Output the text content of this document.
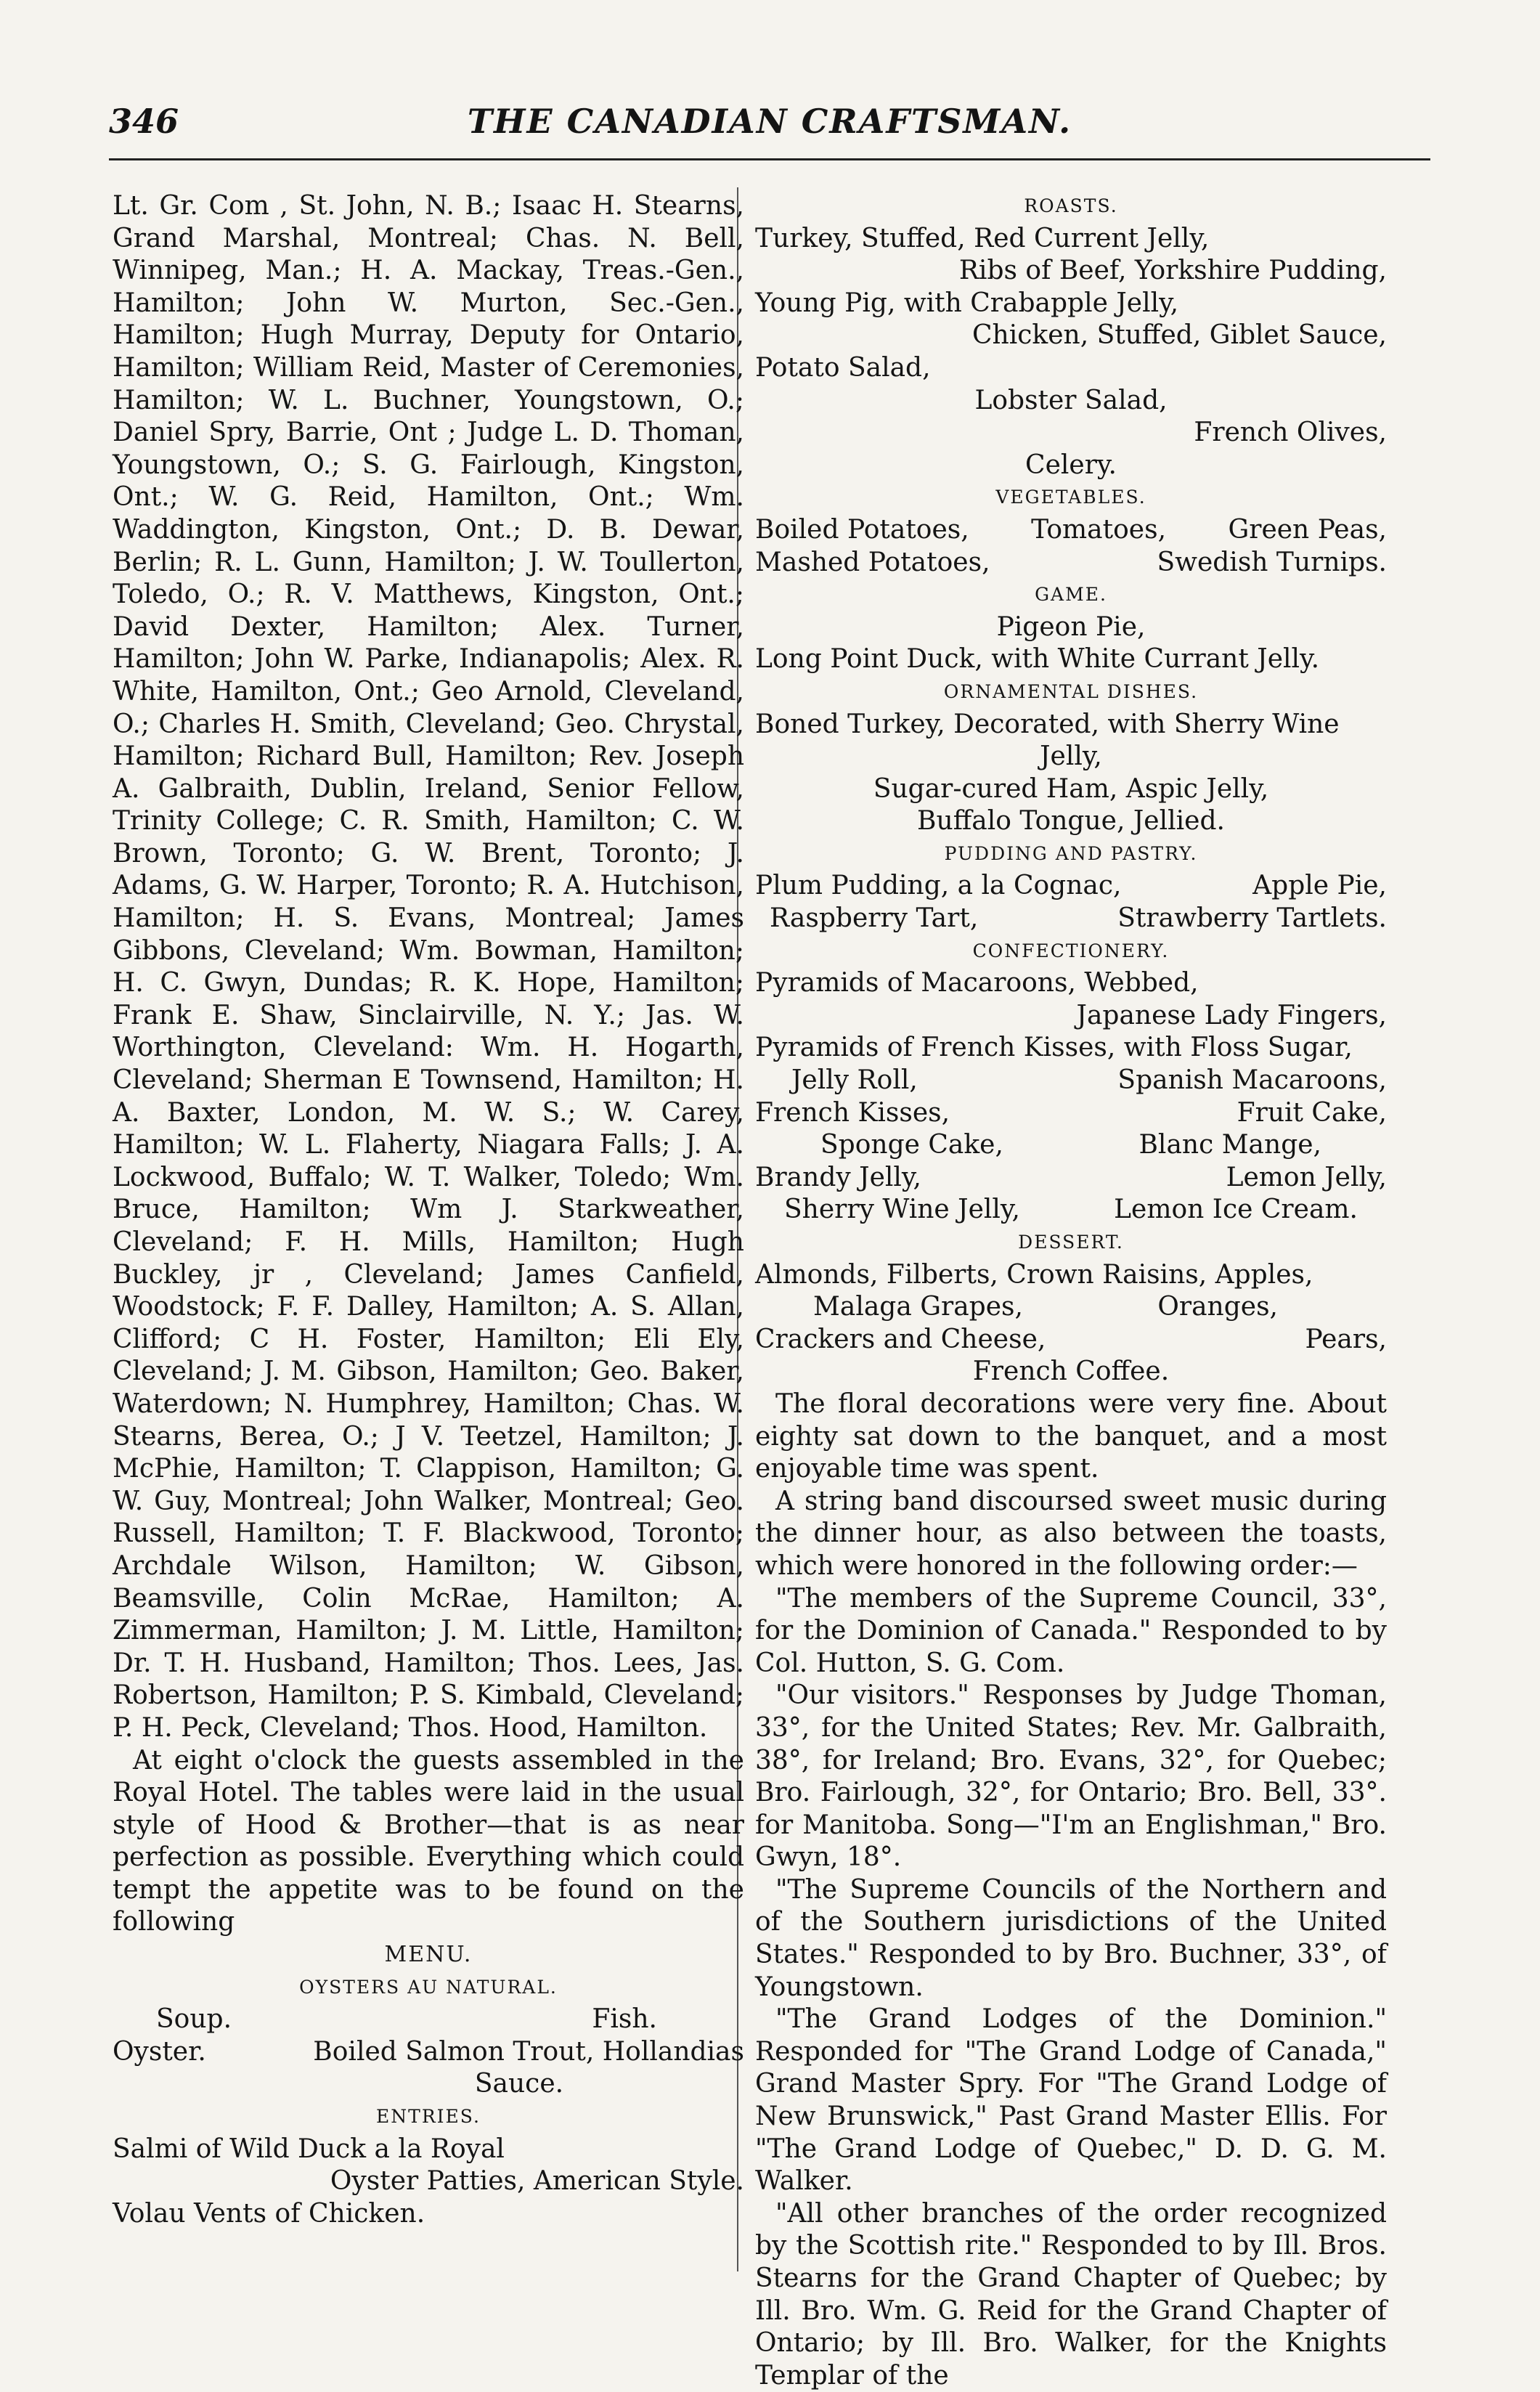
346	THE CANADIAN CRAFTSMAN.

Lt. Gr. Com , St. John, N. B.; Isaac H. Stearns, Grand Marshal, Montreal; Chas. N. Bell, Winnipeg, Man.; H. A. Mackay, Treas.-Gen., Hamilton; John W. Murton, Sec.-Gen., Hamilton; Hugh Murray, Deputy for Ontario, Hamilton; William Reid, Master of Ceremonies, Hamilton; W. L. Buchner, Youngstown, O.; Daniel Spry, Barrie, Ont ; Judge L. D. Thoman, Youngstown, O.; S. G. Fairlough, Kingston, Ont.; W. G. Reid, Hamilton, Ont.; Wm. Waddington, Kingston, Ont.; D. B. Dewar, Berlin; R. L. Gunn, Hamilton; J. W. Toullerton, Toledo, O.; R. V. Matthews, Kingston, Ont.; David Dexter, Hamilton; Alex. Turner, Hamilton; John W. Parke, Indianapolis; Alex. R. White, Hamilton, Ont.; Geo Arnold, Cleveland, O.; Charles H. Smith, Cleveland; Geo. Chrystal, Hamilton; Richard Bull, Hamilton; Rev. Joseph A. Galbraith, Dublin, Ireland, Senior Fellow, Trinity College; C. R. Smith, Hamilton; C. W. Brown, Toronto; G. W. Brent, Toronto; J. Adams, G. W. Harper, Toronto; R. A. Hutchison, Hamilton; H. S. Evans, Montreal; James Gibbons, Cleveland; Wm. Bowman, Hamilton; H. C. Gwyn, Dundas; R. K. Hope, Hamilton; Frank E. Shaw, Sinclairville, N. Y.; Jas. W. Worthington, Cleveland: Wm. H. Hogarth, Cleveland; Sherman E Townsend, Hamilton; H. A. Baxter, London, M. W. S.; W. Carey, Hamilton; W. L. Flaherty, Niagara Falls; J. A. Lockwood, Buffalo; W. T. Walker, Toledo; Wm. Bruce, Hamilton; Wm J. Starkweather, Cleveland; F. H. Mills, Hamilton; Hugh Buckley, jr , Cleveland; James Canfield, Woodstock; F. F. Dalley, Hamilton; A. S. Allan, Clifford; C H. Foster, Hamilton; Eli Ely, Cleveland; J. M. Gibson, Hamilton; Geo. Baker, Waterdown; N. Humphrey, Hamilton; Chas. W. Stearns, Berea, O.; J V. Teetzel, Hamilton; J. McPhie, Hamilton; T. Clappison, Hamilton; G. W. Guy, Montreal; John Walker, Montreal; Geo. Russell, Hamilton; T. F. Blackwood, Toronto; Archdale Wilson, Hamilton; W. Gibson, Beamsville, Colin McRae, Hamilton; A. Zimmerman, Hamilton; J. M. Little, Hamilton; Dr. T. H. Husband, Hamilton; Thos. Lees, Jas. Robertson, Hamilton; P. S. Kimbald, Cleveland; P. H. Peck, Cleveland; Thos. Hood, Hamilton.

At eight o'clock the guests assembled in the Royal Hotel. The tables were laid in the usual style of Hood & Brother—that is as near perfection as possible. Everything which could tempt the appetite was to be found on the following

MENU.

OYSTERS AU NATURAL.

Soup.	Fish.
Oyster.	Boiled Salmon Trout, Hollandias
Sauce.

ENTRIES.

Salmi of Wild Duck a la Royal
Oyster Patties, American Style.
Volau Vents of Chicken.

ROASTS.

Turkey, Stuffed, Red Current Jelly,
Ribs of Beef, Yorkshire Pudding,
Young Pig, with Crabapple Jelly,
Chicken, Stuffed, Giblet Sauce,
Potato Salad,
Lobster Salad,
French Olives,
Celery.

VEGETABLES.

Boiled Potatoes, Tomatoes, Green Peas,
Mashed Potatoes,	Swedish Turnips.

GAME.

Pigeon Pie,
Long Point Duck, with White Currant Jelly.

ORNAMENTAL DISHES.

Boned Turkey, Decorated, with Sherry Wine
Jelly,
Sugar-cured Ham, Aspic Jelly,
Buffalo Tongue, Jellied.

PUDDING AND PASTRY.

Plum Pudding, a la Cognac,	Apple Pie,
Raspberry Tart,	Strawberry Tartlets.

CONFECTIONERY.

Pyramids of Macaroons, Webbed,
Japanese Lady Fingers,
Pyramids of French Kisses, with Floss Sugar,
Jelly Roll,	Spanish Macaroons,
French Kisses,	Fruit Cake,
Sponge Cake,	Blanc Mange,
Brandy Jelly,	Lemon Jelly,
Sherry Wine Jelly,	Lemon Ice Cream.

DESSERT.

Almonds, Filberts, Crown Raisins, Apples,
Malaga Grapes,	Oranges,
Crackers and Cheese,	Pears,
French Coffee.

The floral decorations were very fine. About eighty sat down to the banquet, and a most enjoyable time was spent.

A string band discoursed sweet music during the dinner hour, as also between the toasts, which were honored in the following order:—

"The members of the Supreme Council, 33°, for the Dominion of Canada." Responded to by Col. Hutton, S. G. Com.

"Our visitors." Responses by Judge Thoman, 33°, for the United States; Rev. Mr. Galbraith, 38°, for Ireland; Bro. Evans, 32°, for Quebec; Bro. Fairlough, 32°, for Ontario; Bro. Bell, 33°. for Manitoba. Song—"I'm an Englishman," Bro. Gwyn, 18°.

"The Supreme Councils of the Northern and of the Southern jurisdictions of the United States." Responded to by Bro. Buchner, 33°, of Youngstown.

"The Grand Lodges of the Dominion." Responded for "The Grand Lodge of Canada," Grand Master Spry. For "The Grand Lodge of New Brunswick," Past Grand Master Ellis. For "The Grand Lodge of Quebec," D. D. G. M. Walker.

"All other branches of the order recognized by the Scottish rite." Responded to by Ill. Bros. Stearns for the Grand Chapter of Quebec; by Ill. Bro. Wm. G. Reid for the Grand Chapter of Ontario; by Ill. Bro. Walker, for the Knights Templar of the
